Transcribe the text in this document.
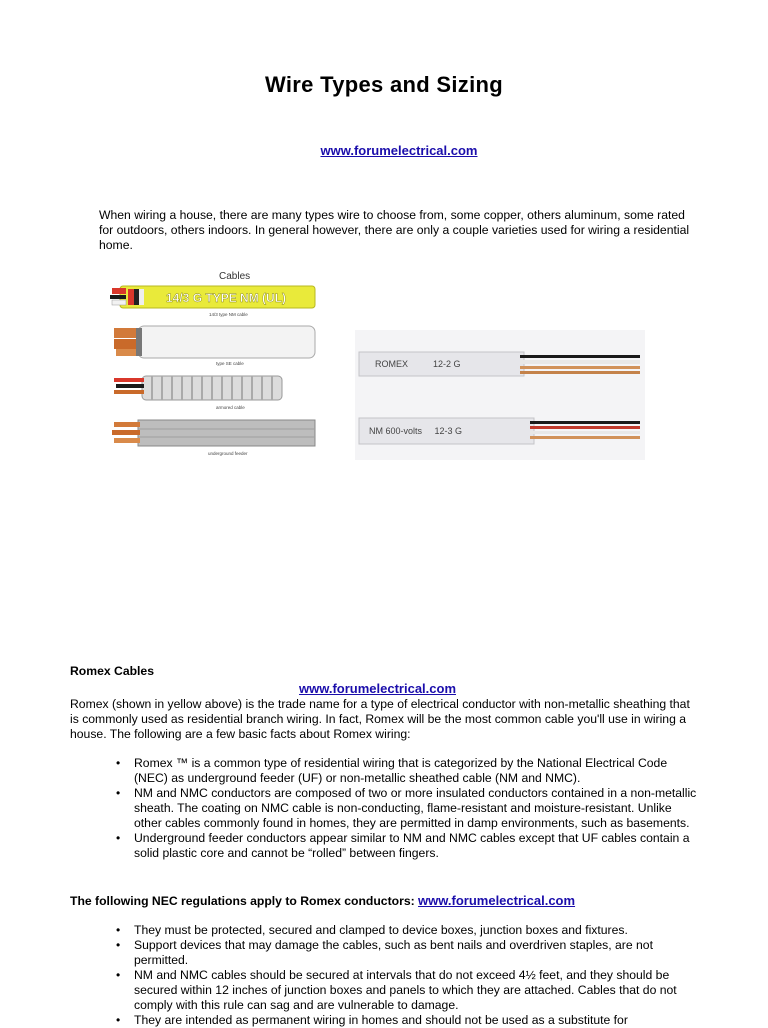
Wire Types and Sizing
www.forumelectrical.com
When wiring a house, there are many types wire to choose from, some copper, others aluminum, some rated for outdoors, others indoors. In general however, there are only a couple varieties used for wiring a residential home.
Cables
14/3 G TYPE NM (UL)
14/3 type NM cable
type SE cable
armored cable
underground feeder
ROMEX          12-2 G
NM 600-volts     12-3 G
Romex Cables
www.forumelectrical.com
Romex (shown in yellow above) is the trade name for a type of electrical conductor with non-metallic sheathing that is commonly used as residential branch wiring. In fact, Romex will be the most common cable you'll use in wiring a house. The following are a few basic facts about Romex wiring:
• Romex ™ is a common type of residential wiring that is categorized by the National Electrical Code (NEC) as underground feeder (UF) or non-metallic sheathed cable (NM and NMC).
• NM and NMC conductors are composed of two or more insulated conductors contained in a non-metallic sheath. The coating on NMC cable is non-conducting, flame-resistant and moisture-resistant. Unlike other cables commonly found in homes, they are permitted in damp environments, such as basements.
• Underground feeder conductors appear similar to NM and NMC cables except that UF cables contain a solid plastic core and cannot be “rolled” between fingers.
The following NEC regulations apply to Romex conductors: www.forumelectrical.com
• They must be protected, secured and clamped to device boxes, junction boxes and fixtures.
• Support devices that may damage the cables, such as bent nails and overdriven staples, are not permitted.
• NM and NMC cables should be secured at intervals that do not exceed 4½ feet, and they should be secured within 12 inches of junction boxes and panels to which they are attached. Cables that do not comply with this rule can sag and are vulnerable to damage.
• They are intended as permanent wiring in homes and should not be used as a substitute for
